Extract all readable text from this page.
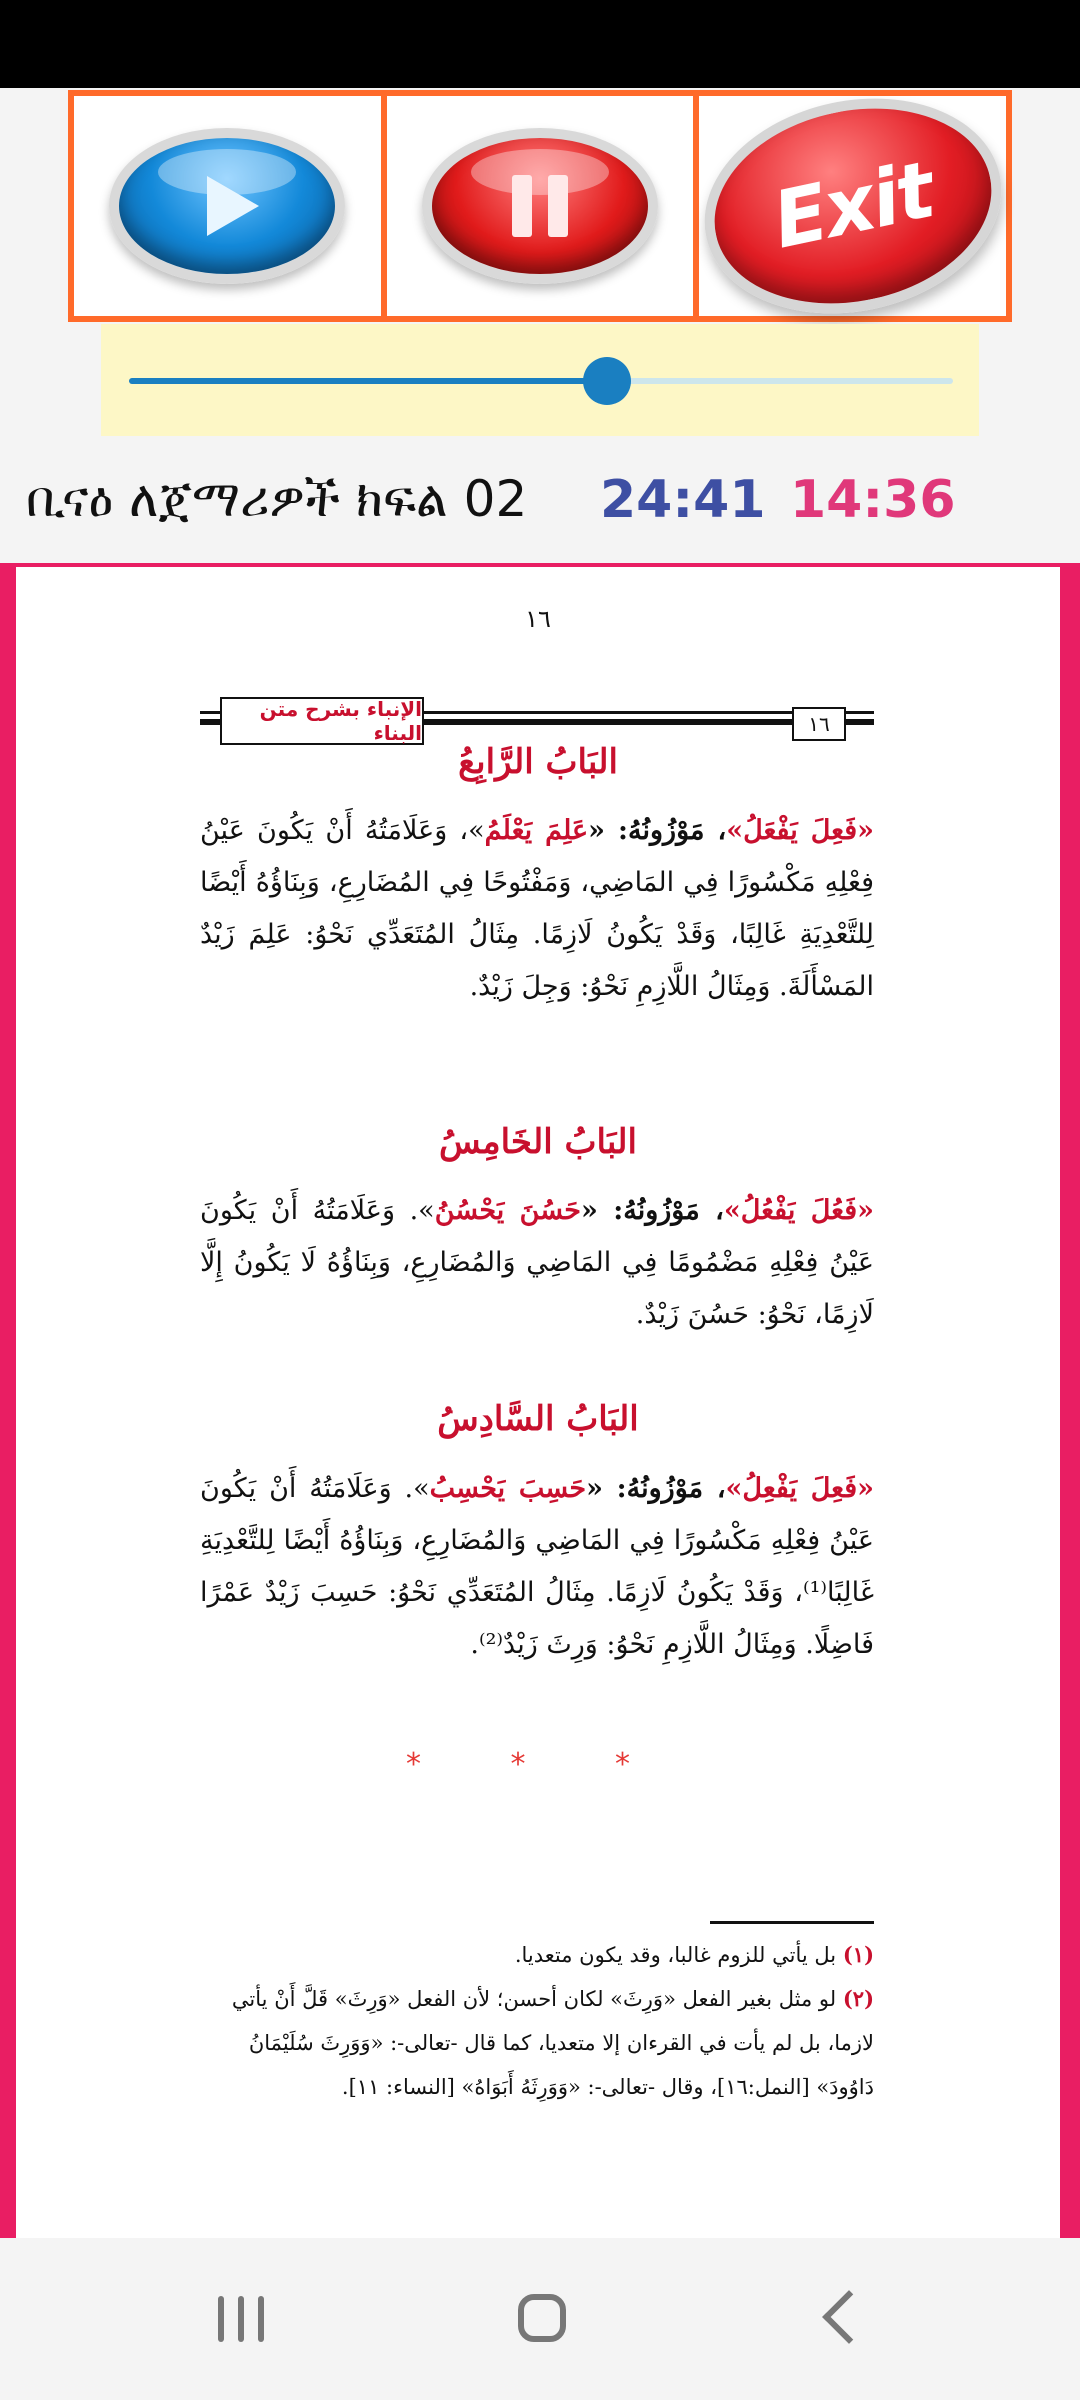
Exit
ቢናዕ ለጀማሪዎች ክፍል 02 24:41 14:36
١٦
الإنباء بشرح متن البناء	١٦
البَابُ الرَّابِعُ
«فَعِلَ يَفْعَلُ»، مَوْزُونُهُ: «عَلِمَ يَعْلَمُ»، وَعَلَامَتُهُ أَنْ يَكُونَ عَيْنُ فِعْلِهِ مَكْسُورًا فِي المَاضِي، وَمَفْتُوحًا فِي المُضَارِعِ، وَبِنَاؤُهُ أَيْضًا لِلتَّعْدِيَةِ غَالِبًا، وَقَدْ يَكُونُ لَازِمًا. مِثَالُ المُتَعَدِّي نَحْوُ: عَلِمَ زَيْدٌ المَسْأَلَةَ. وَمِثَالُ اللَّازِمِ نَحْوُ: وَجِلَ زَيْدٌ.
البَابُ الخَامِسُ
«فَعُلَ يَفْعُلُ»، مَوْزُونُهُ: «حَسُنَ يَحْسُنُ». وَعَلَامَتُهُ أَنْ يَكُونَ عَيْنُ فِعْلِهِ مَضْمُومًا فِي المَاضِي وَالمُضَارِعِ، وَبِنَاؤُهُ لَا يَكُونُ إِلَّا لَازِمًا، نَحْوُ: حَسُنَ زَيْدٌ.
البَابُ السَّادِسُ
«فَعِلَ يَفْعِلُ»، مَوْزُونُهُ: «حَسِبَ يَحْسِبُ». وَعَلَامَتُهُ أَنْ يَكُونَ عَيْنُ فِعْلِهِ مَكْسُورًا فِي المَاضِي وَالمُضَارِعِ، وَبِنَاؤُهُ أَيْضًا لِلتَّعْدِيَةِ غَالِبًا⁽¹⁾، وَقَدْ يَكُونُ لَازِمًا. مِثَالُ المُتَعَدِّي نَحْوُ: حَسِبَ زَيْدٌ عَمْرًا فَاضِلًا. وَمِثَالُ اللَّازِمِ نَحْوُ: وَرِثَ زَيْدٌ⁽²⁾.
* * *
(١) بل يأتي للزوم غالبا، وقد يكون متعديا.
(٢) لو مثل بغير الفعل «وَرِثَ» لكان أحسن؛ لأن الفعل «وَرِثَ» قَلَّ أَنْ يأتي لازما، بل لم يأت في القرءان إلا متعديا، كما قال -تعالى-: «وَوَرِثَ سُلَيْمَانُ دَاوُودَ» [النمل:١٦]، وقال -تعالى-: «وَوَرِثَهُ أَبَوَاهُ» [النساء: ١١].
